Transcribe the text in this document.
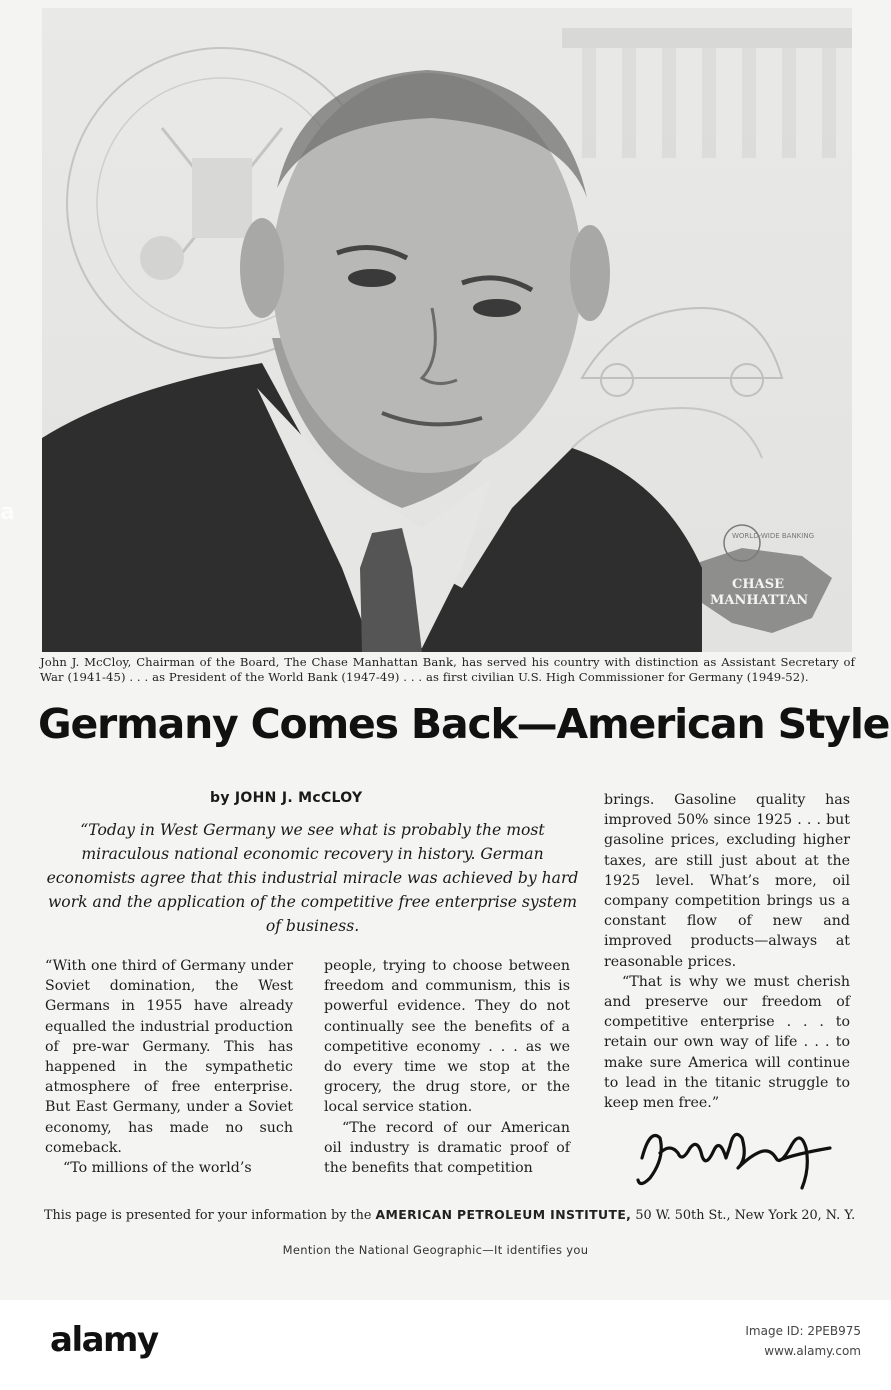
WORLD-WIDE BANKING
CHASE
MANHATTAN
John J. McCloy, Chairman of the Board, The Chase Manhattan Bank, has served his country with distinction as Assistant Secretary of War (1941-45) . . . as President of the World Bank (1947-49) . . . as first civilian U.S. High Commissioner for Germany (1949-52).
Germany Comes Back—American Style
by JOHN J. McCLOY
“Today in West Germany we see what is probably the most miraculous national economic recovery in history. German economists agree that this industrial miracle was achieved by hard work and the application of the competitive free enterprise system of business.

“With one third of Germany under Soviet domination, the West Germans in 1955 have already equalled the industrial production of pre-war Germany. This has happened in the sympathetic atmosphere of free enterprise. But East Germany, under a Soviet economy, has made no such comeback.

“To millions of the world’s

people, trying to choose between freedom and communism, this is powerful evidence. They do not continually see the benefits of a competitive economy . . . as we do every time we stop at the grocery, the drug store, or the local service station.

“The record of our American oil industry is dramatic proof of the benefits that competition

brings. Gasoline quality has improved 50% since 1925 . . . but gasoline prices, excluding higher taxes, are still just about at the 1925 level. What’s more, oil company competition brings us a constant flow of new and improved products—always at reasonable prices.

“That is why we must cherish and preserve our freedom of competitive enterprise . . . to retain our own way of life . . . to make sure America will continue to lead in the titanic struggle to keep men free.”

This page is presented for your information by the AMERICAN PETROLEUM INSTITUTE, 50 W. 50th St., New York 20, N. Y.
Mention the National Geographic—It identifies you
a
alamy	Image ID: 2PEB975
www.alamy.com
